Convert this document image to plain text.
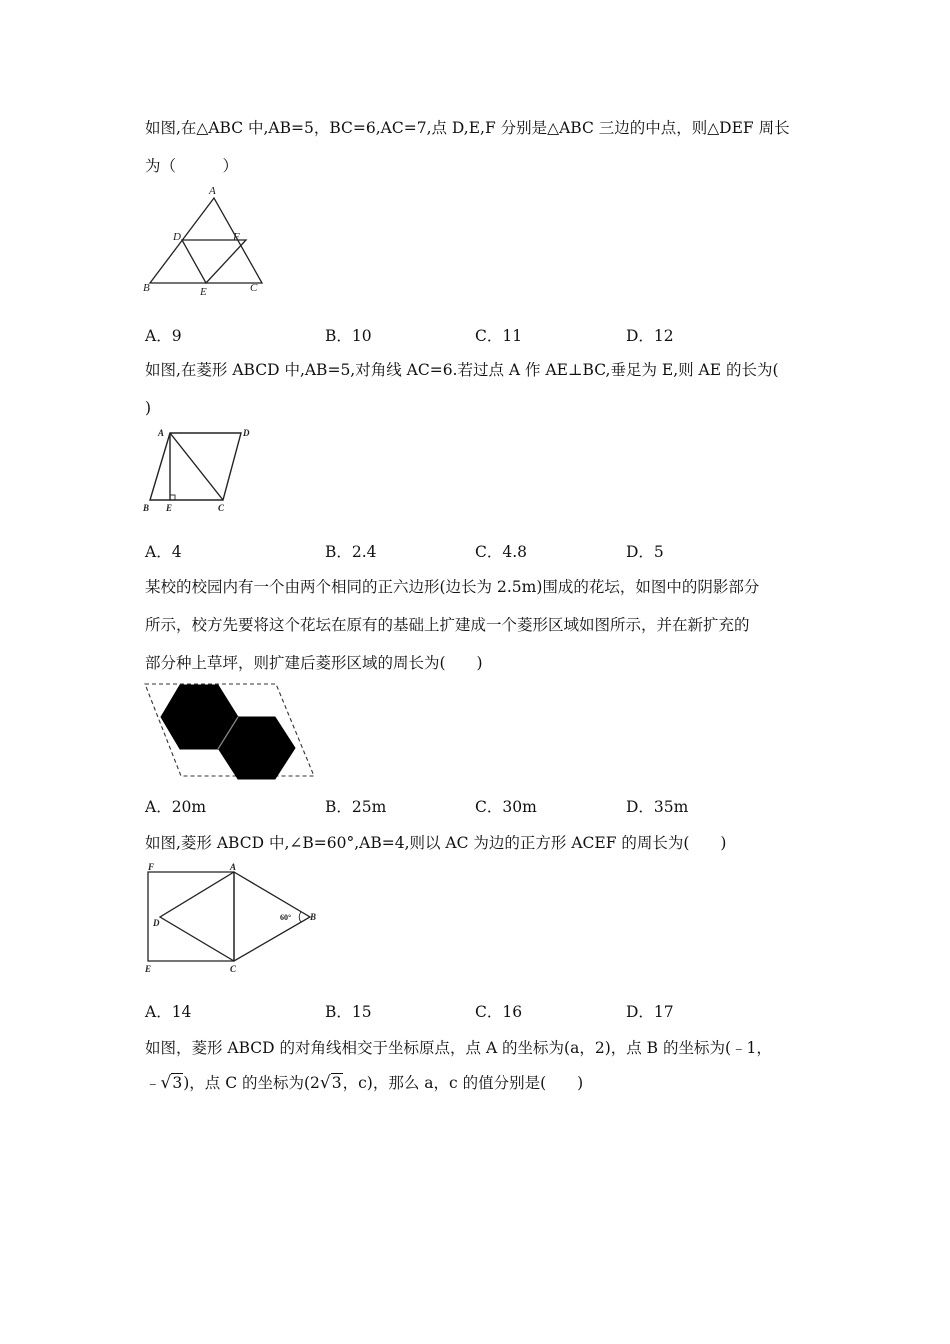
如图,在△ABC 中,AB=5，BC=6,AC=7,点 D,E,F 分别是△ABC 三边的中点，则△DEF 周长
为（　　　）
A
D	F
B	E	C
A．9	B．10	C．11	D．12
如图,在菱形 ABCD 中,AB=5,对角线 AC=6.若过点 A 作 AE⊥BC,垂足为 E,则 AE 的长为(
)
A	D
B E	C
A．4	B．2.4	C．4.8	D．5
某校的校园内有一个由两个相同的正六边形(边长为 2.5m)围成的花坛，如图中的阴影部分
所示，校方先要将这个花坛在原有的基础上扩建成一个菱形区域如图所示，并在新扩充的
部分种上草坪，则扩建后菱形区域的周长为(　　)
A．20m	B．25m	C．30m	D．35m
如图,菱形 ABCD 中,∠B=60°,AB=4,则以 AC 为边的正方形 ACEF 的周长为(　　)
F	A
D
60° B
E	C
A．14	B．15	C．16	D．17
如图，菱形 ABCD 的对角线相交于坐标原点，点 A 的坐标为(a，2)，点 B 的坐标为(﹣1，
﹣√3)，点 C 的坐标为(2√3，c)，那么 a，c 的值分别是(　　)
